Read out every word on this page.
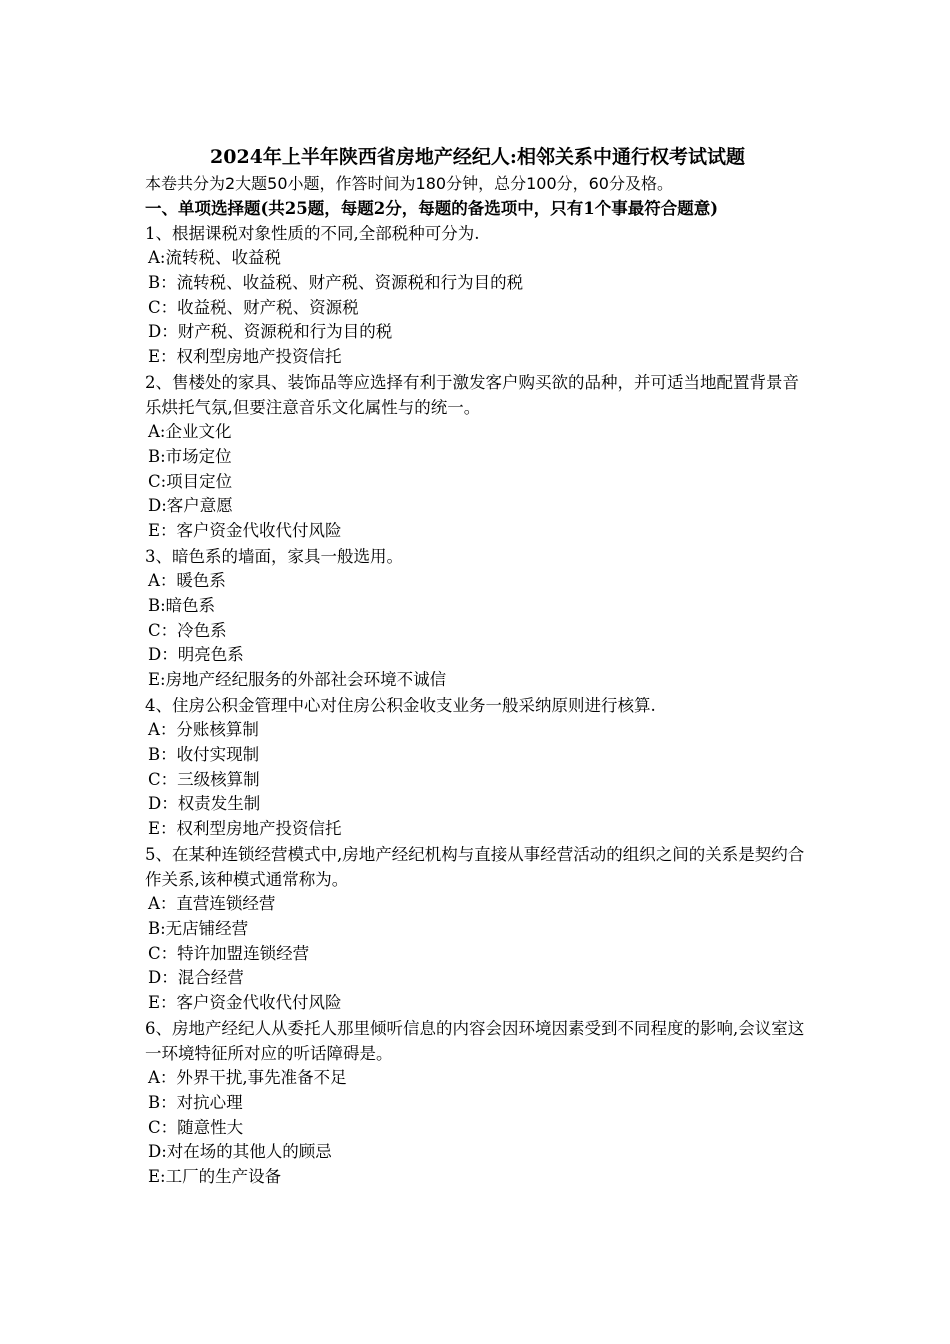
2024年上半年陕西省房地产经纪人:相邻关系中通行权考试试题

本卷共分为2大题50小题，作答时间为180分钟，总分100分，60分及格。

一、单项选择题(共25题，每题2分，每题的备选项中，只有1个事最符合题意)

1、根据课税对象性质的不同,全部税种可分为.

A:流转税、收益税

B：流转税、收益税、财产税、资源税和行为目的税

C：收益税、财产税、资源税

D：财产税、资源税和行为目的税

E：权利型房地产投资信托

2、售楼处的家具、装饰品等应选择有利于激发客户购买欲的品种，并可适当地配置背景音乐烘托气氛,但要注意音乐文化属性与的统一。

A:企业文化

B:市场定位

C:项目定位

D:客户意愿

E：客户资金代收代付风险

3、暗色系的墙面，家具一般选用。

A：暖色系

B:暗色系

C：冷色系

D：明亮色系

E:房地产经纪服务的外部社会环境不诚信

4、住房公积金管理中心对住房公积金收支业务一般采纳原则进行核算.

A：分账核算制

B：收付实现制

C：三级核算制

D：权责发生制

E：权利型房地产投资信托

5、在某种连锁经营模式中,房地产经纪机构与直接从事经营活动的组织之间的关系是契约合作关系,该种模式通常称为。

A：直营连锁经营

B:无店铺经营

C：特许加盟连锁经营

D：混合经营

E：客户资金代收代付风险

6、房地产经纪人从委托人那里倾听信息的内容会因环境因素受到不同程度的影响,会议室这一环境特征所对应的听话障碍是。

A：外界干扰,事先准备不足

B：对抗心理

C：随意性大

D:对在场的其他人的顾忌

E:工厂的生产设备
